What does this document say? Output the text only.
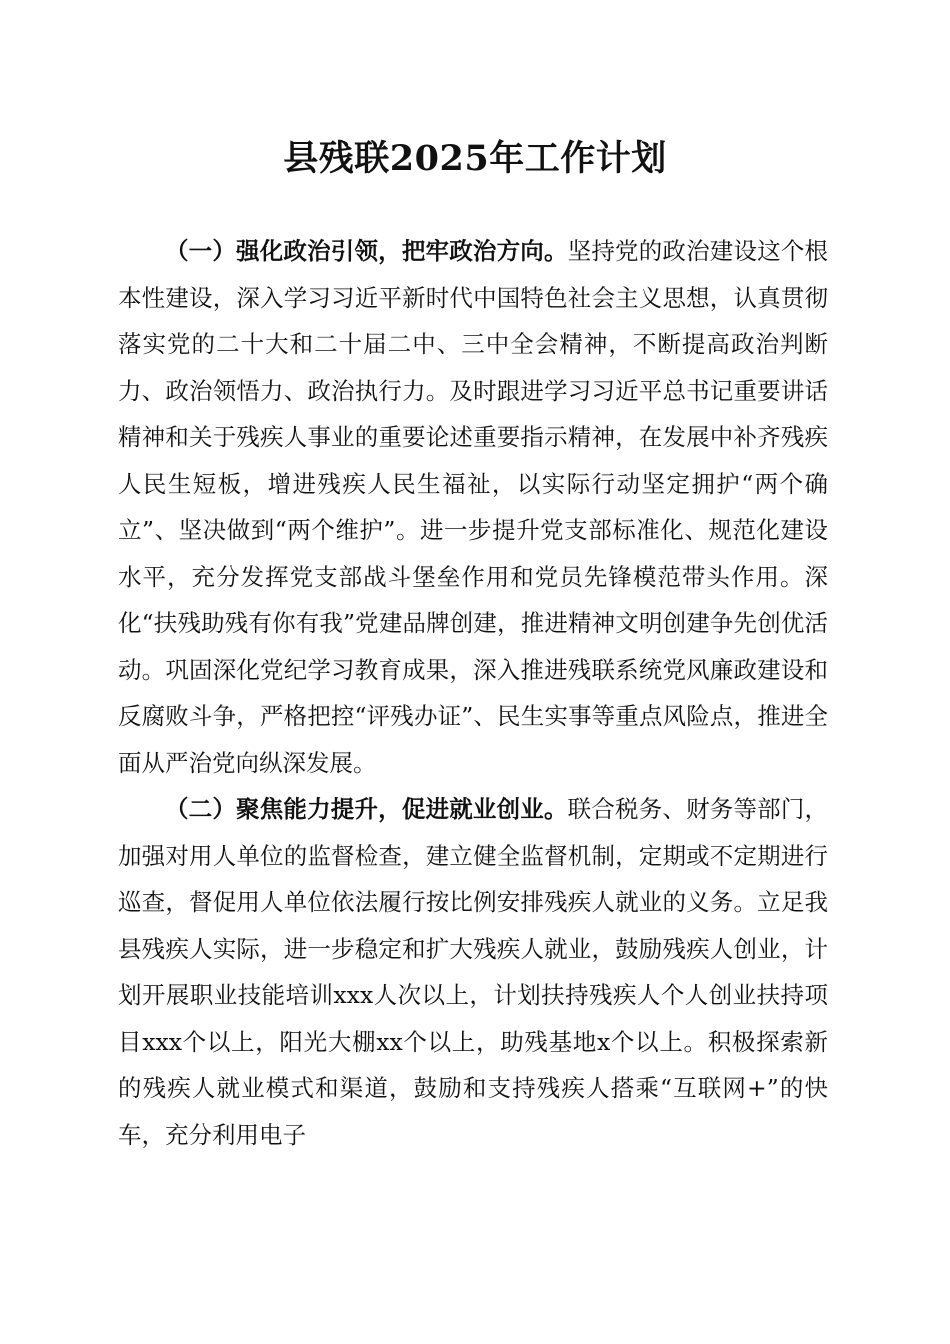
县残联2025年工作计划

（一）强化政治引领，把牢政治方向。坚持党的政治建设这个根本性建设，深入学习习近平新时代中国特色社会主义思想，认真贯彻落实党的二十大和二十届二中、三中全会精神，不断提高政治判断力、政治领悟力、政治执行力。及时跟进学习习近平总书记重要讲话精神和关于残疾人事业的重要论述重要指示精神，在发展中补齐残疾人民生短板，增进残疾人民生福祉，以实际行动坚定拥护“两个确立”、坚决做到“两个维护”。进一步提升党支部标准化、规范化建设水平，充分发挥党支部战斗堡垒作用和党员先锋模范带头作用。深化“扶残助残有你有我”党建品牌创建，推进精神文明创建争先创优活动。巩固深化党纪学习教育成果，深入推进残联系统党风廉政建设和反腐败斗争，严格把控“评残办证”、民生实事等重点风险点，推进全面从严治党向纵深发展。

（二）聚焦能力提升，促进就业创业。联合税务、财务等部门，加强对用人单位的监督检查，建立健全监督机制，定期或不定期进行巡查，督促用人单位依法履行按比例安排残疾人就业的义务。立足我县残疾人实际，进一步稳定和扩大残疾人就业，鼓励残疾人创业，计划开展职业技能培训xxx人次以上，计划扶持残疾人个人创业扶持项目xxx个以上，阳光大棚xx个以上，助残基地x个以上。积极探索新的残疾人就业模式和渠道，鼓励和支持残疾人搭乘“互联网+”的快车，充分利用电子
